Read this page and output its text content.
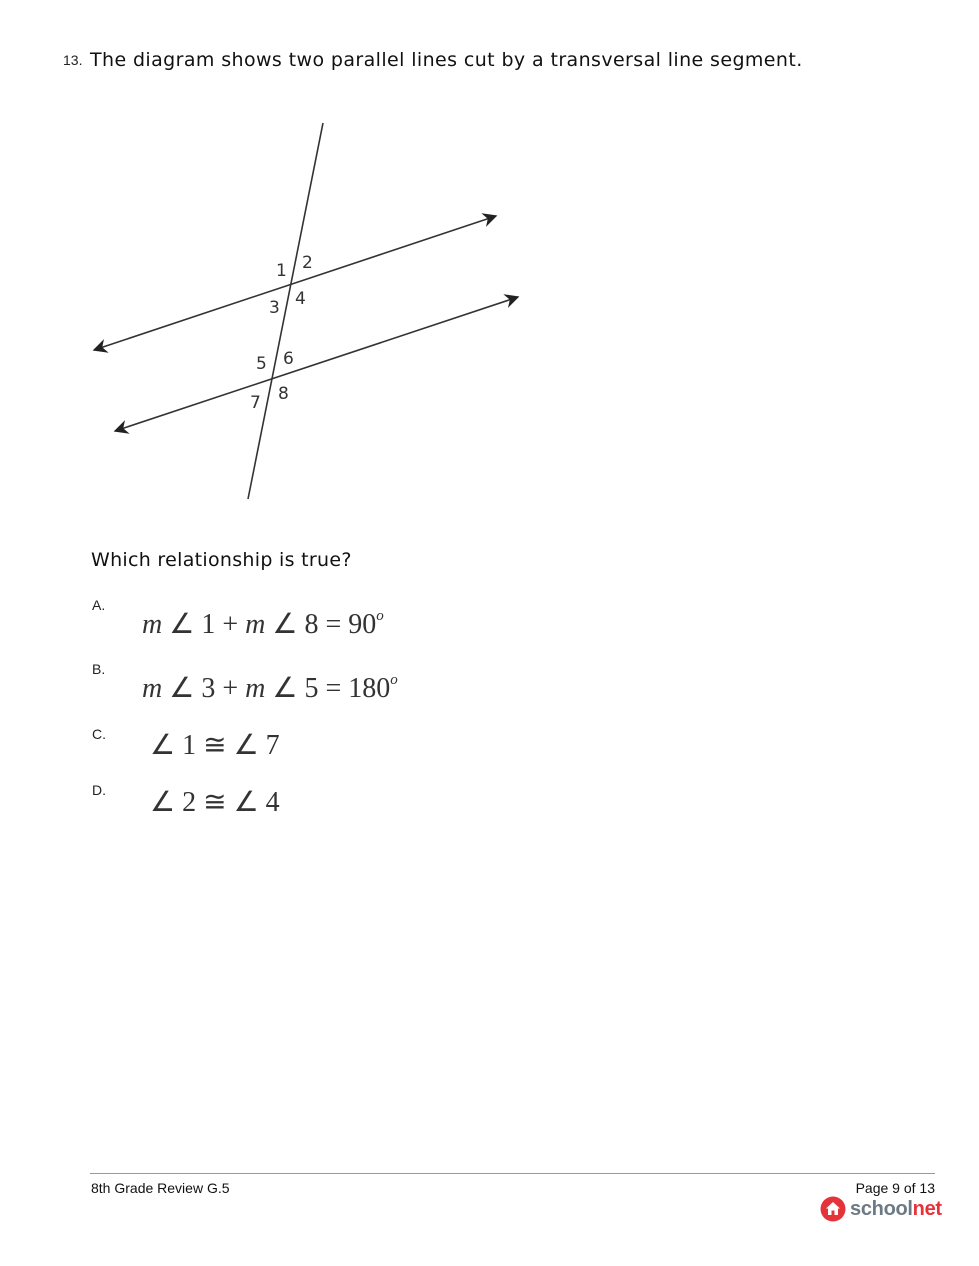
13. The diagram shows two parallel lines cut by a transversal line segment.
1 2
3 4
5 6
7 8
Which relationship is true?
A.
m ∠ 1 + m ∠ $8 = 90^o$
B.
m ∠ 3 + m ∠ $5 = 180^o$
C. ∠ 1 ≅ ∠ 7
D. ∠ 2 ≅ ∠ 4
8th Grade Review G.5	Page 9 of 13
schoolnet
